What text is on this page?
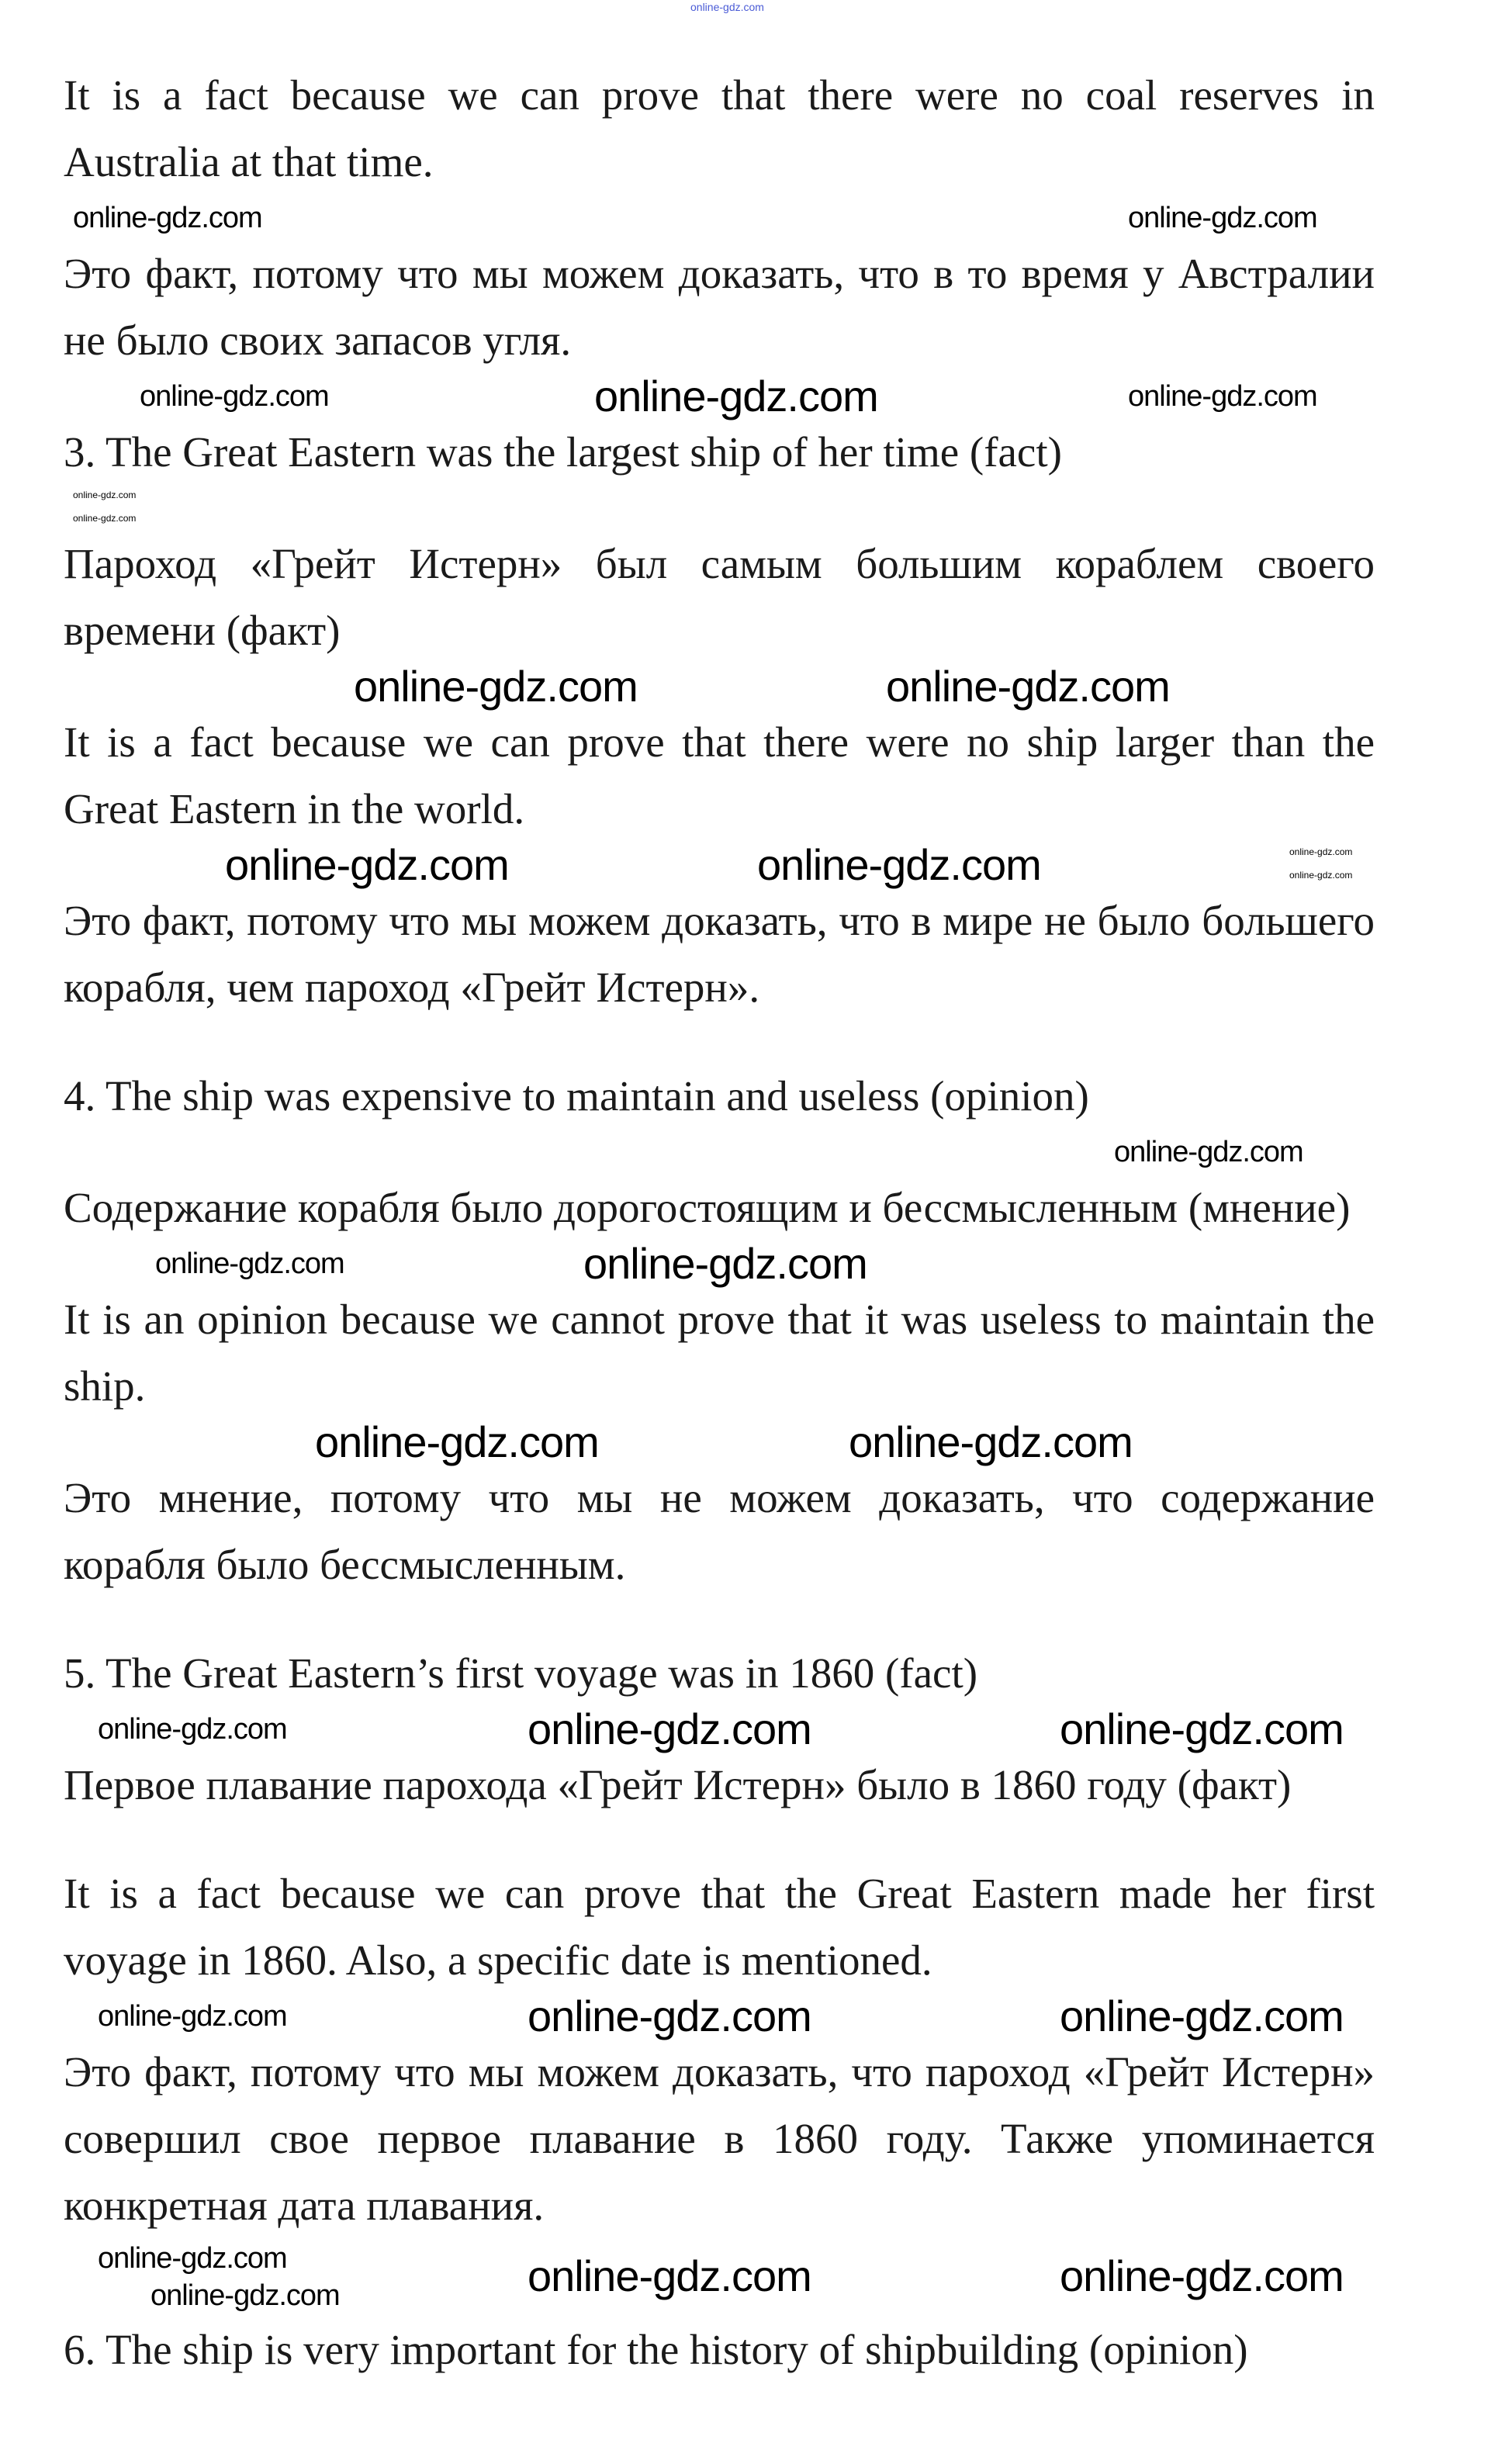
online-gdz.com

It is a fact because we can prove that there were no coal reserves in Australia at that time.

online-gdz.com	online-gdz.com

Это факт, потому что мы можем доказать, что в то время у Австралии не было своих запасов угля.

online-gdz.com	online-gdz.com	online-gdz.com

3. The Great Eastern was the largest ship of her time (fact)

online-gdz.com
online-gdz.com

Пароход «Грейт Истерн» был самым большим кораблем своего времени (факт)

online-gdz.com	online-gdz.com

It is a fact because we can prove that there were no ship larger than the Great Eastern in the world.

online-gdz.com	online-gdz.com	online-gdz.com
online-gdz.com

Это факт, потому что мы можем доказать, что в мире не было большего корабля, чем пароход «Грейт Истерн».

4. The ship was expensive to maintain and useless (opinion)

online-gdz.com

Содержание корабля было дорогостоящим и бессмысленным (мнение)

online-gdz.com	online-gdz.com

It is an opinion because we cannot prove that it was useless to maintain the ship.

online-gdz.com	online-gdz.com

Это мнение, потому что мы не можем доказать, что содержание корабля было бессмысленным.

5. The Great Eastern’s first voyage was in 1860 (fact)

online-gdz.com	online-gdz.com	online-gdz.com

Первое плавание парохода «Грейт Истерн» было в 1860 году (факт)

It is a fact because we can prove that the Great Eastern made her first voyage in 1860. Also, a specific date is mentioned.

online-gdz.com	online-gdz.com	online-gdz.com

Это факт, потому что мы можем доказать, что пароход «Грейт Истерн» совершил свое первое плавание в 1860 году. Также упоминается конкретная дата плавания.

online-gdz.com
online-gdz.com	online-gdz.com	online-gdz.com

6. The ship is very important for the history of shipbuilding (opinion)
